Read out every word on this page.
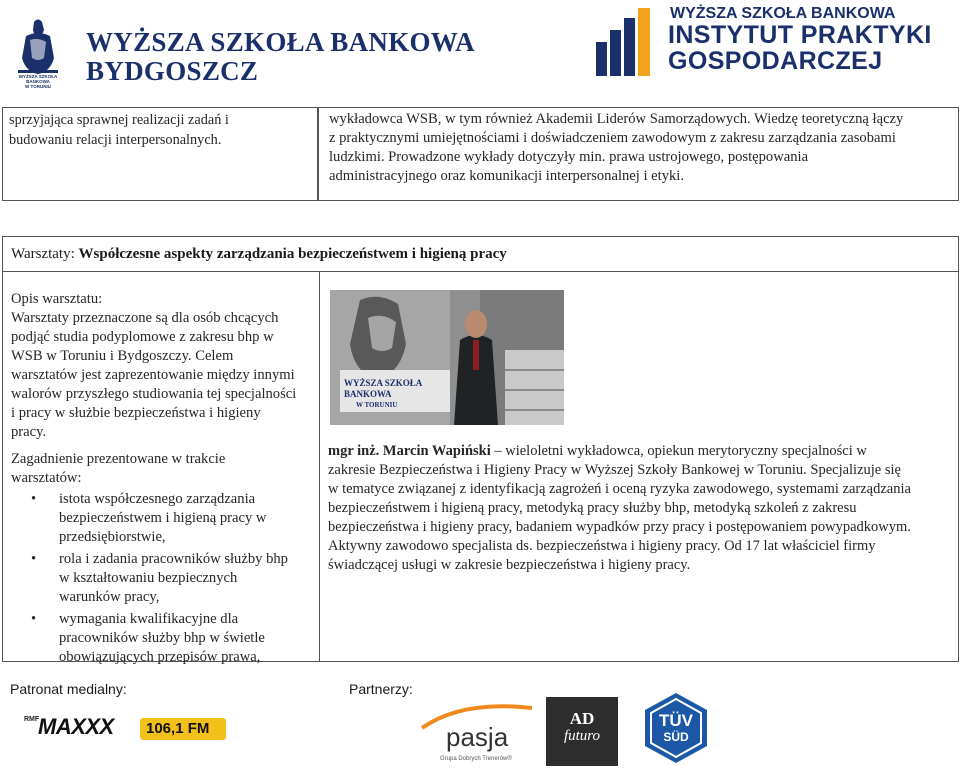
WYŻSZA SZKOŁA BANKOWA
W TORUNIU
WYŻSZA SZKOŁA BANKOWA
BYDGOSZCZ
WYŻSZA SZKOŁA BANKOWA
INSTYTUT PRAKTYKI
GOSPODARCZEJ
sprzyjająca sprawnej realizacji zadań i
budowaniu relacji interpersonalnych.
wykładowca WSB, w tym również Akademii Liderów Samorządowych. Wiedzę teoretyczną łączy
z praktycznymi umiejętnościami i doświadczeniem zawodowym z zakresu zarządzania zasobami
ludzkimi. Prowadzone wykłady dotyczyły min. prawa ustrojowego, postępowania
administracyjnego oraz komunikacji interpersonalnej i etyki.
Warsztaty: Współczesne aspekty zarządzania bezpieczeństwem i higieną pracy
Opis warsztatu:
Warsztaty przeznaczone są dla osób chcących
podjąć studia podyplomowe z zakresu bhp w
WSB w Toruniu i Bydgoszczy. Celem
warsztatów jest zaprezentowanie między innymi
walorów przyszłego studiowania tej specjalności
i pracy w służbie bezpieczeństwa i higieny
pracy.
Zagadnienie prezentowane w trakcie
warsztatów:
• istota współczesnego zarządzania
bezpieczeństwem i higieną pracy w
przedsiębiorstwie,
• rola i zadania pracowników służby bhp
w kształtowaniu bezpiecznych
warunków pracy,
• wymagania kwalifikacyjne dla
pracowników służby bhp w świetle
obowiązujących przepisów prawa,
WYŻSZA SZKOŁA BANKOWA
W TORUNIU
mgr inż. Marcin Wapiński – wieloletni wykładowca, opiekun merytoryczny specjalności w
zakresie Bezpieczeństwa i Higieny Pracy w Wyższej Szkoły Bankowej w Toruniu. Specjalizuje się
w tematyce związanej z identyfikacją zagrożeń i oceną ryzyka zawodowego, systemami zarządzania
bezpieczeństwem i higieną pracy, metodyką pracy służby bhp, metodyką szkoleń z zakresu
bezpieczeństwa i higieny pracy, badaniem wypadków przy pracy i postępowaniem powypadkowym.
Aktywny zawodowo specjalista ds. bezpieczeństwa i higieny pracy. Od 17 lat właściciel firmy
świadczącej usługi w zakresie bezpieczeństwa i higieny pracy.
Patronat medialny:	Partnerzy:
RMF
MAXXX 106,1 FM	pasja
Grupa Dobrych Trenerów®
AD
futuro
TÜV
SÜD
